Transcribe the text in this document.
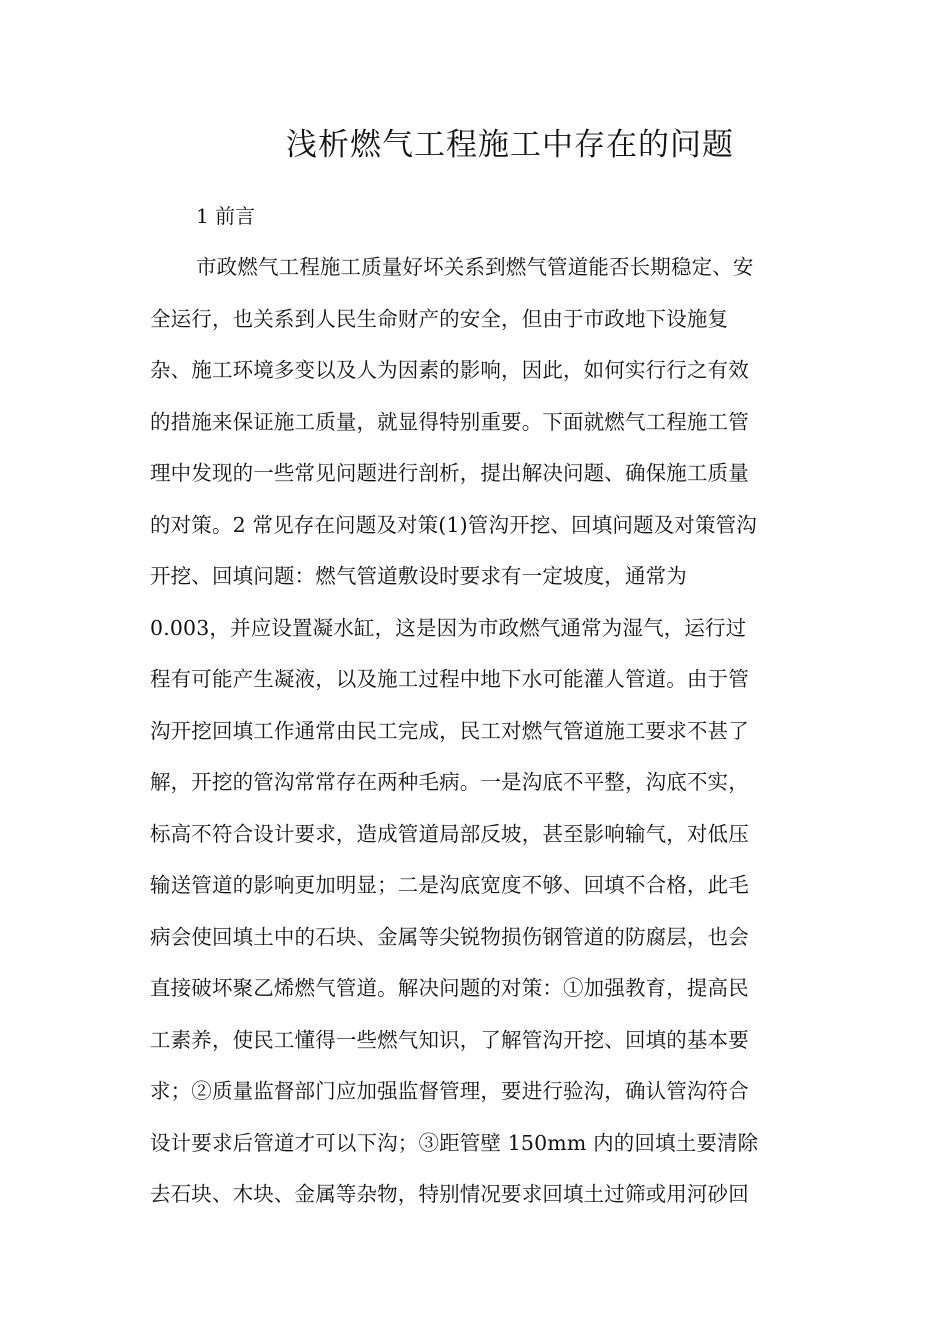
浅析燃气工程施工中存在的问题
1 前言
市政燃气工程施工质量好坏关系到燃气管道能否长期稳定、安
全运行，也关系到人民生命财产的安全，但由于市政地下设施复
杂、施工环境多变以及人为因素的影响，因此，如何实行行之有效
的措施来保证施工质量，就显得特别重要。下面就燃气工程施工管
理中发现的一些常见问题进行剖析，提出解决问题、确保施工质量
的对策。2 常见存在问题及对策(1)管沟开挖、回填问题及对策管沟
开挖、回填问题：燃气管道敷设时要求有一定坡度，通常为
0.003，并应设置凝水缸，这是因为市政燃气通常为湿气，运行过
程有可能产生凝液，以及施工过程中地下水可能灌人管道。由于管
沟开挖回填工作通常由民工完成，民工对燃气管道施工要求不甚了
解，开挖的管沟常常存在两种毛病。一是沟底不平整，沟底不实，
标高不符合设计要求，造成管道局部反坡，甚至影响输气，对低压
输送管道的影响更加明显；二是沟底宽度不够、回填不合格，此毛
病会使回填土中的石块、金属等尖锐物损伤钢管道的防腐层，也会
直接破坏聚乙烯燃气管道。解决问题的对策：①加强教育，提高民
工素养，使民工懂得一些燃气知识，了解管沟开挖、回填的基本要
求；②质量监督部门应加强监督管理，要进行验沟，确认管沟符合
设计要求后管道才可以下沟；③距管壁 150mm 内的回填土要清除
去石块、木块、金属等杂物，特别情况要求回填土过筛或用河砂回
